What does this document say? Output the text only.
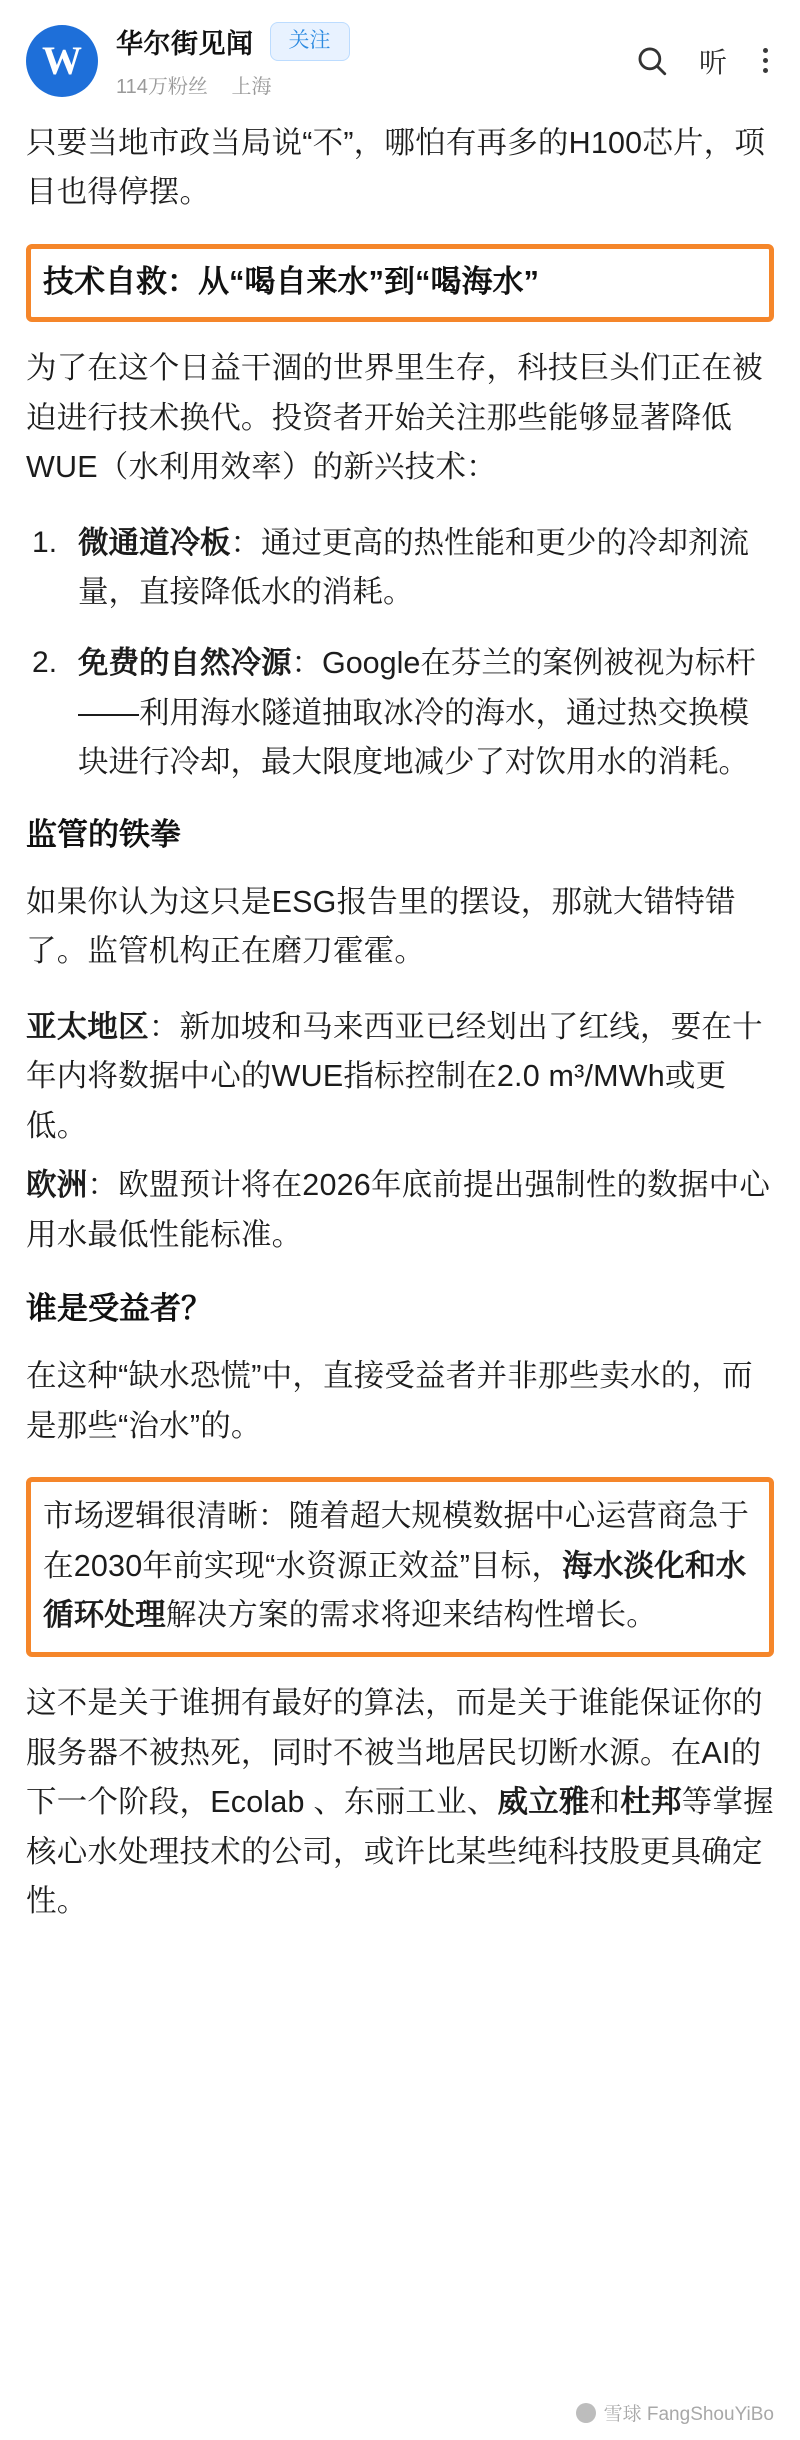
W 华尔街见闻	关注
114万粉丝 上海
听

只要当地市政当局说“不”，哪怕有再多的H100芯片，项目也得停摆。

技术自救：从“喝自来水”到“喝海水”

为了在这个日益干涸的世界里生存，科技巨头们正在被迫进行技术换代。投资者开始关注那些能够显著降低WUE（水利用效率）的新兴技术：

微通道冷板：通过更高的热性能和更少的冷却剂流量，直接降低水的消耗。
免费的自然冷源：Google在芬兰的案例被视为标杆——利用海水隧道抽取冰冷的海水，通过热交换模块进行冷却，最大限度地减少了对饮用水的消耗。
监管的铁拳

如果你认为这只是ESG报告里的摆设，那就大错特错了。监管机构正在磨刀霍霍。

亚太地区：新加坡和马来西亚已经划出了红线，要在十年内将数据中心的WUE指标控制在2.0 m³/MWh或更低。

欧洲：欧盟预计将在2026年底前提出强制性的数据中心用水最低性能标准。

谁是受益者？

在这种“缺水恐慌”中，直接受益者并非那些卖水的，而是那些“治水”的。

市场逻辑很清晰：随着超大规模数据中心运营商急于在2030年前实现“水资源正效益”目标，海水淡化和水循环处理解决方案的需求将迎来结构性增长。

这不是关于谁拥有最好的算法，而是关于谁能保证你的服务器不被热死，同时不被当地居民切断水源。在AI的下一个阶段，Ecolab 、东丽工业、威立雅和杜邦等掌握核心水处理技术的公司，或许比某些纯科技股更具确定性。

雪球 FangShouYiBo
